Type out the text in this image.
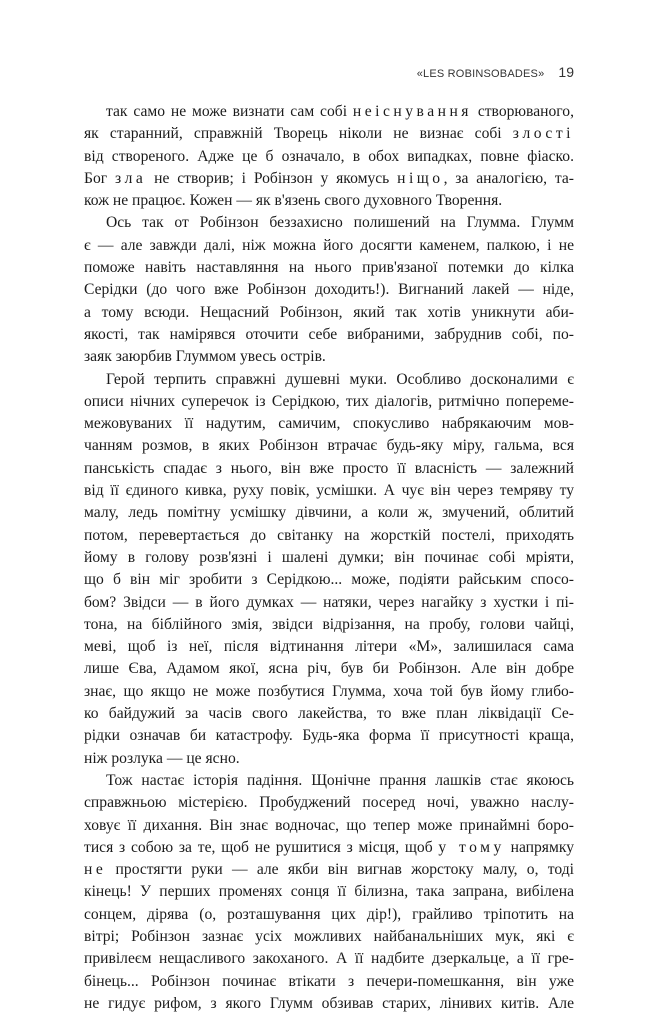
«LES ROBINSOBADES» 19
так само не може визнати сам собі неіснування створюваного,
як старанний, справжній Творець ніколи не визнає собі злості
від створеного. Адже це б означало, в обох випадках, повне фіаско.
Бог зла не створив; і Робінзон у якомусь ніщо, за аналогією, та-
кож не працює. Кожен — як в'язень свого духовного Творення.
Ось так от Робінзон беззахисно полишений на Глумма. Глумм
є — але завжди далі, ніж можна його досягти каменем, палкою, і не
поможе навіть наставляння на нього прив'язаної потемки до кілка
Серідки (до чого вже Робінзон доходить!). Вигнаний лакей — ніде,
а тому всюди. Нещасний Робінзон, який так хотів уникнути аби-
якості, так намірявся оточити себе вибраними, забруднив собі, по-
заяк заюрбив Глуммом увесь острів.
Герой терпить справжні душевні муки. Особливо досконалими є
описи нічних суперечок із Серідкою, тих діалогів, ритмічно поперемe-
межовуваних її надутим, самичим, спокусливо набрякаючим мов-
чанням розмов, в яких Робінзон втрачає будь-яку міру, гальма, вся
панськість спадає з нього, він вже просто її власність — залежний
від її єдиного кивка, руху повік, усмішки. А чує він через темряву ту
малу, ледь помітну усмішку дівчини, а коли ж, змучений, облитий
потом, перевертається до світанку на жорсткій постелі, приходять
йому в голову розв'язні і шалені думки; він починає собі мріяти,
що б він міг зробити з Серідкою... може, подіяти райським спосо-
бом? Звідси — в його думках — натяки, через нагайку з хустки і пі-
тона, на біблійного змія, звідси відрізання, на пробу, голови чайці,
меві, щоб із неї, після відтинання літери «М», залишилася сама
лише Єва, Адамом якої, ясна річ, був би Робінзон. Але він добре
знає, що якщо не може позбутися Глумма, хоча той був йому глибо-
ко байдужий за часів свого лакейства, то вже план ліквідації Се-
рідки означав би катастрофу. Будь-яка форма її присутності краща,
ніж розлука — це ясно.
Тож настає історія падіння. Щонічне прання лашків стає якоюсь
справжньою містерією. Пробуджений посеред ночі, уважно наслу-
ховує її дихання. Він знає водночас, що тепер може принаймні боро-
тися з собою за те, щоб не рушитися з місця, щоб у тому напрямку
не простягти руки — але якби він вигнав жорстоку малу, о, тоді
кінець! У перших променях сонця її білизна, така запрана, вибілена
сонцем, дірява (о, розташування цих дір!), грайливо тріпотить на
вітрі; Робінзон зазнає усіх можливих найбанальніших мук, які є
привілеєм нещасливого закоханого. А її надбите дзеркальце, а її гре-
бінець... Робінзон починає втікати з печери-помешкання, він уже
не гидує рифом, з якого Глумм обзивав старих, лінивих китів. Але
